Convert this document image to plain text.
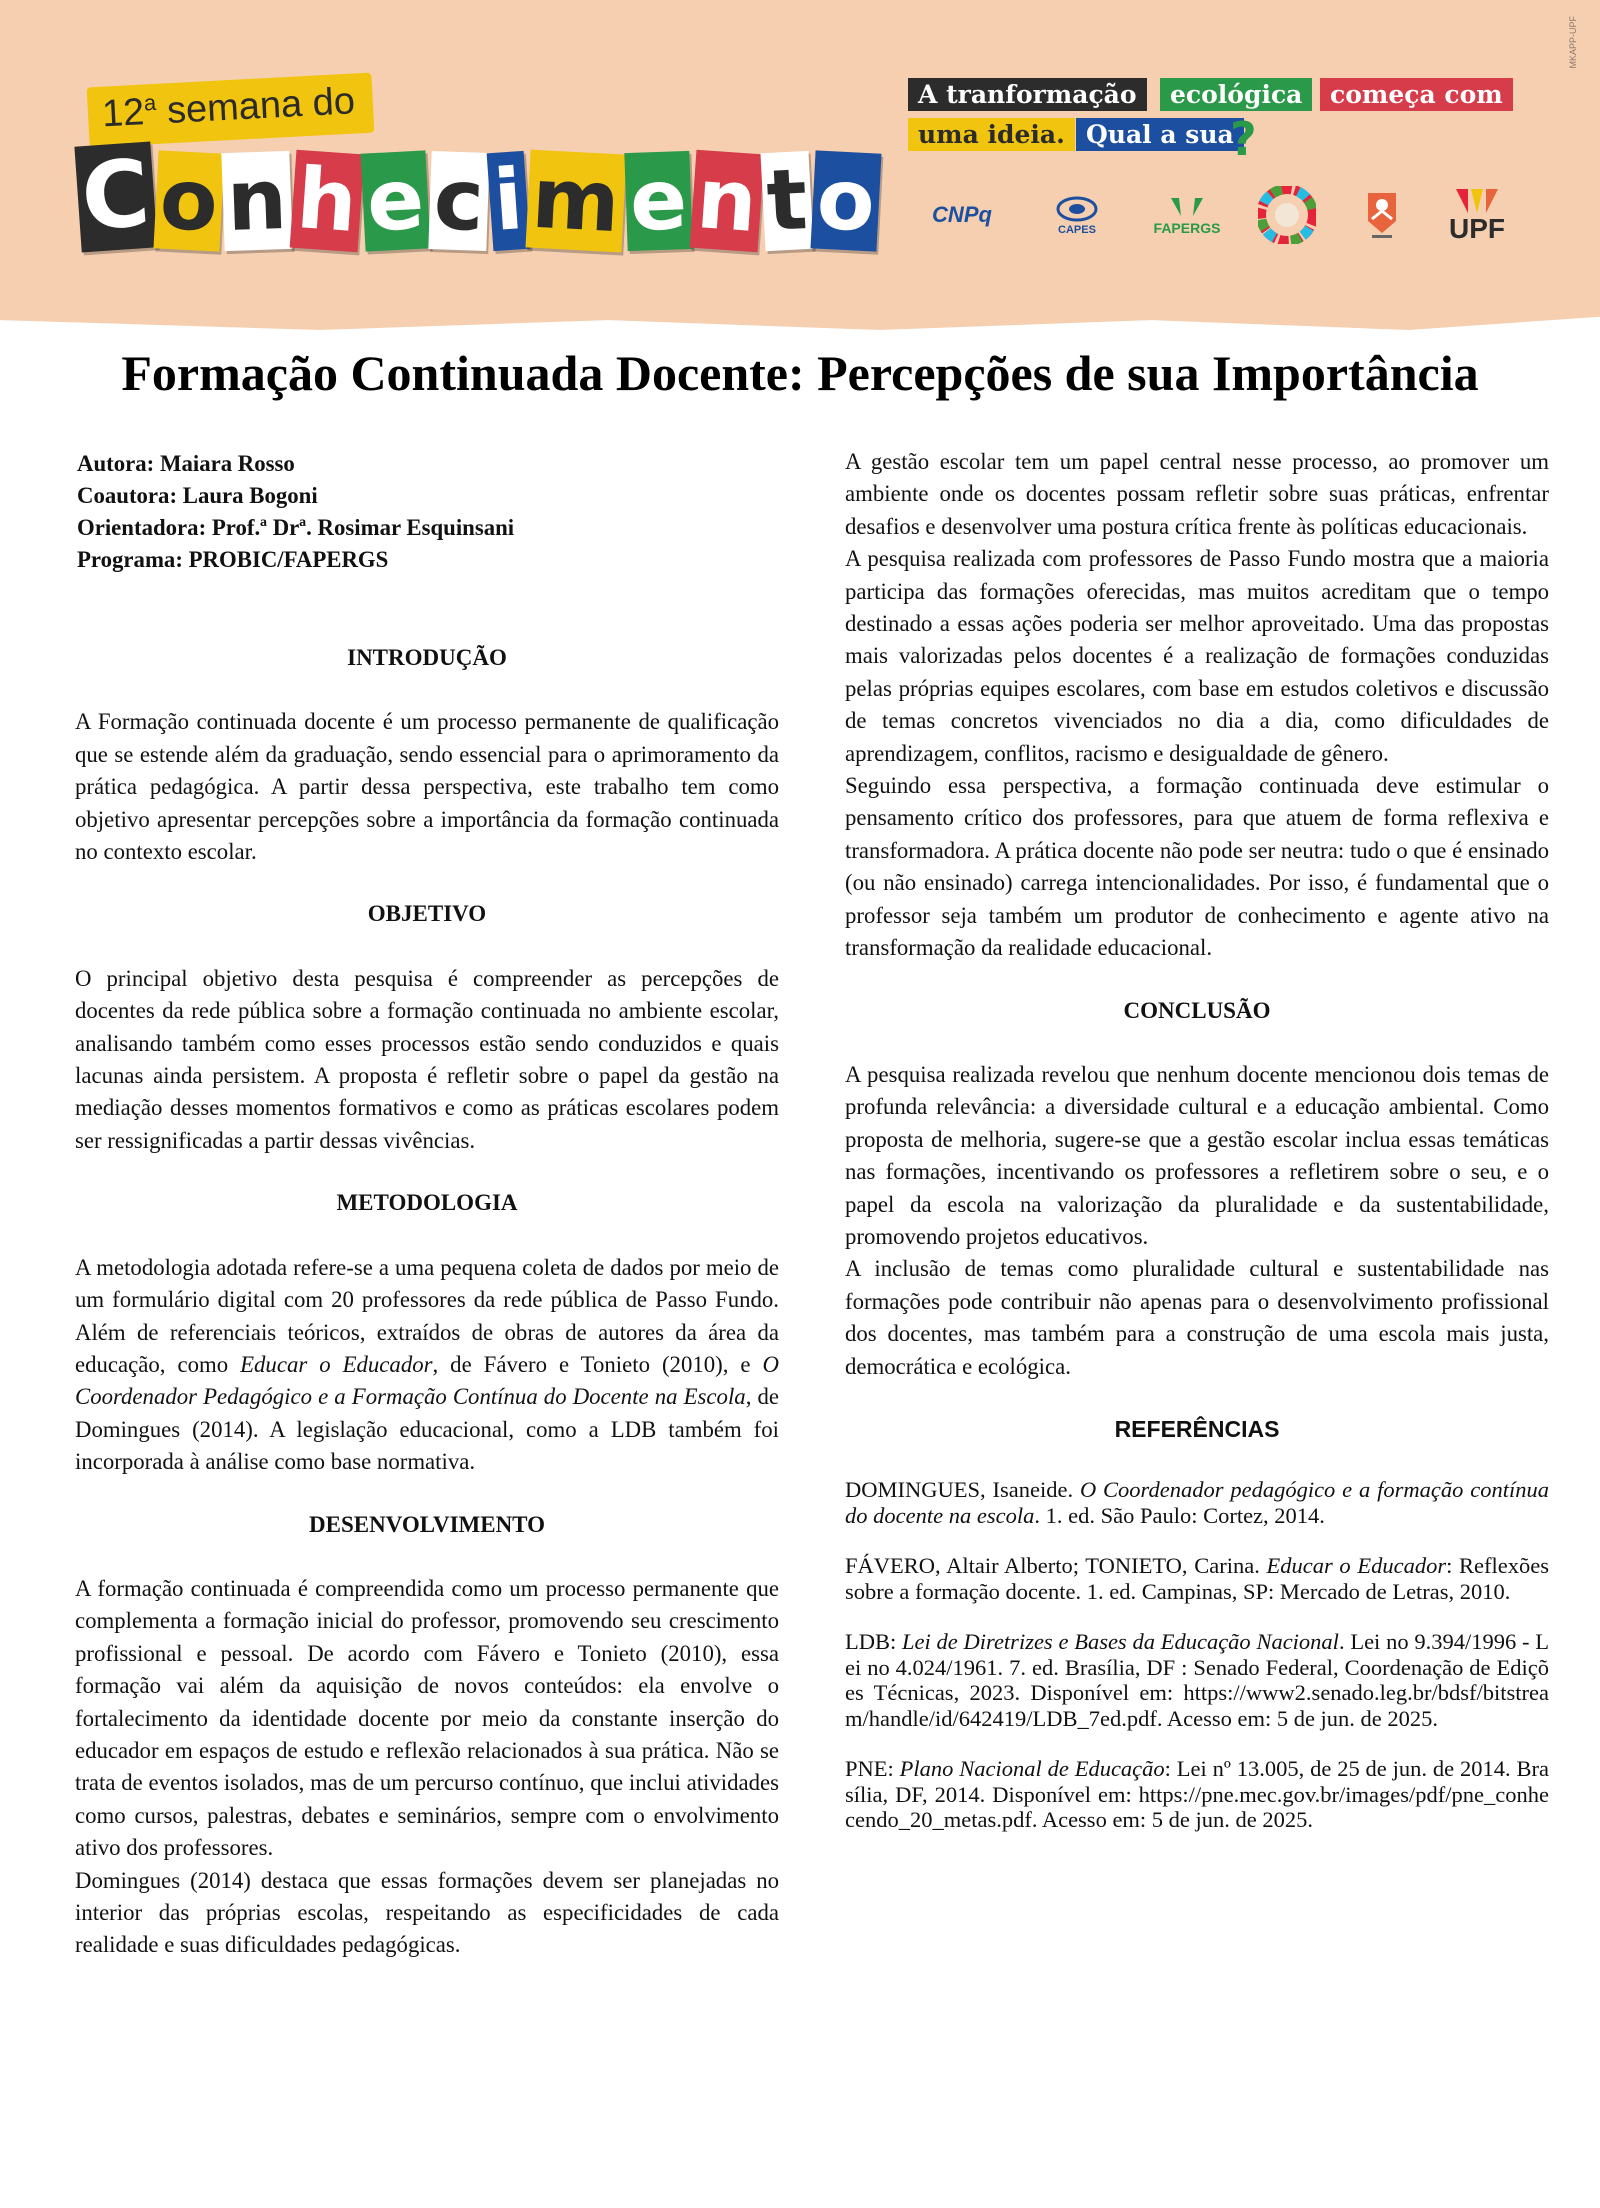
MKAPP-UPF
12$^a$ semana do
C o n h e c i m e n t o
A tranformação	ecológica	começa com
uma ideia. Qual a sua
?
CNPq
CAPES	FAPERGS	UPF
Formação Continuada Docente: Percepções de sua Importância
Autora: Maiara Rosso
Coautora: Laura Bogoni
Orientadora: Prof.ª Drª. Rosimar Esquinsani
Programa: PROBIC/FAPERGS
INTRODUÇÃO

A Formação continuada docente é um processo permanente de qualificação que se estende além da graduação, sendo essencial para o aprimoramento da prática pedagógica. A partir dessa perspectiva, este trabalho tem como objetivo apresentar percepções sobre a importância da formação continuada no contexto escolar.

OBJETIVO

O principal objetivo desta pesquisa é compreender as percepções de docentes da rede pública sobre a formação continuada no ambiente escolar, analisando também como esses processos estão sendo conduzidos e quais lacunas ainda persistem. A proposta é refletir sobre o papel da gestão na mediação desses momentos formativos e como as práticas escolares podem ser ressignificadas a partir dessas vivências.

METODOLOGIA

A metodologia adotada refere-se a uma pequena coleta de dados por meio de um formulário digital com 20 professores da rede pública de Passo Fundo. Além de referenciais teóricos, extraídos de obras de autores da área da educação, como Educar o Educador, de Fávero e Tonieto (2010), e O Coordenador Pedagógico e a Formação Contínua do Docente na Escola, de Domingues (2014). A legislação educacional, como a LDB também foi incorporada à análise como base normativa.

DESENVOLVIMENTO

A formação continuada é compreendida como um processo permanente que complementa a formação inicial do professor, promovendo seu crescimento profissional e pessoal. De acordo com Fávero e Tonieto (2010), essa formação vai além da aquisição de novos conteúdos: ela envolve o fortalecimento da identidade docente por meio da constante inserção do educador em espaços de estudo e reflexão relacionados à sua prática. Não se trata de eventos isolados, mas de um percurso contínuo, que inclui atividades como cursos, palestras, debates e seminários, sempre com o envolvimento ativo dos professores.

Domingues (2014) destaca que essas formações devem ser planejadas no interior das próprias escolas, respeitando as especificidades de cada realidade e suas dificuldades pedagógicas.

A gestão escolar tem um papel central nesse processo, ao promover um ambiente onde os docentes possam refletir sobre suas práticas, enfrentar desafios e desenvolver uma postura crítica frente às políticas educacionais.

A pesquisa realizada com professores de Passo Fundo mostra que a maioria participa das formações oferecidas, mas muitos acreditam que o tempo destinado a essas ações poderia ser melhor aproveitado. Uma das propostas mais valorizadas pelos docentes é a realização de formações conduzidas pelas próprias equipes escolares, com base em estudos coletivos e discussão de temas concretos vivenciados no dia a dia, como dificuldades de aprendizagem, conflitos, racismo e desigualdade de gênero.

Seguindo essa perspectiva, a formação continuada deve estimular o pensamento crítico dos professores, para que atuem de forma reflexiva e transformadora. A prática docente não pode ser neutra: tudo o que é ensinado (ou não ensinado) carrega intencionalidades. Por isso, é fundamental que o professor seja também um produtor de conhecimento e agente ativo na transformação da realidade educacional.

CONCLUSÃO

A pesquisa realizada revelou que nenhum docente mencionou dois temas de profunda relevância: a diversidade cultural e a educação ambiental. Como proposta de melhoria, sugere-se que a gestão escolar inclua essas temáticas nas formações, incentivando os professores a refletirem sobre o seu, e o papel da escola na valorização da pluralidade e da sustentabilidade, promovendo projetos educativos.

A inclusão de temas como pluralidade cultural e sustentabilidade nas formações pode contribuir não apenas para o desenvolvimento profissional dos docentes, mas também para a construção de uma escola mais justa, democrática e ecológica.

REFERÊNCIAS

DOMINGUES, Isaneide. O Coordenador pedagógico e a formação contínua do docente na escola. 1. ed. São Paulo: Cortez, 2014.

FÁVERO, Altair Alberto; TONIETO, Carina. Educar o Educador: Reflexões sobre a formação docente. 1. ed. Campinas, SP: Mercado de Letras, 2010.

LDB: Lei de Diretrizes e Bases da Educação Nacional. Lei no 9.394/1996 - Lei no 4.024/1961. 7. ed. Brasília, DF : Senado Federal, Coordenação de Edições Técnicas, 2023. Disponível em: https://www2.senado.leg.br/bdsf/bitstream/handle/id/642419/LDB_7ed.pdf. Acesso em: 5 de jun. de 2025.

PNE: Plano Nacional de Educação: Lei nº 13.005, de 25 de jun. de 2014. Brasília, DF, 2014. Disponível em: https://pne.mec.gov.br/images/pdf/pne_conhecendo_20_metas.pdf. Acesso em: 5 de jun. de 2025.
